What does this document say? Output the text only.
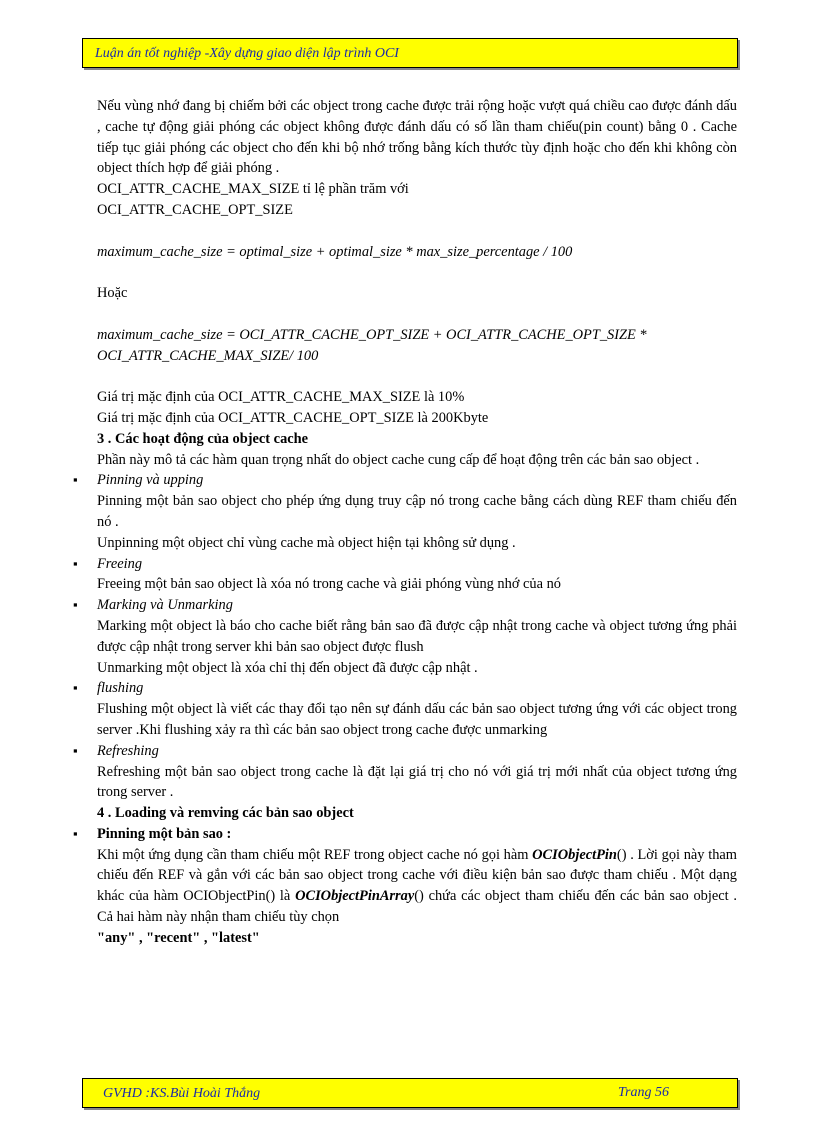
Luận án tốt nghiệp -Xây dựng giao diện lập trình OCI

Nếu vùng nhớ đang bị chiếm bởi các object trong cache được trải rộng hoặc vượt quá chiều cao được đánh dấu , cache tự động giải phóng các object không được đánh dấu có số lần tham chiếu(pin count) bằng 0 . Cache tiếp tục giải phóng các object cho đến khi bộ nhớ trống bằng kích thước tùy định hoặc cho đến khi không còn object thích hợp để giải phóng .

OCI_ATTR_CACHE_MAX_SIZE tỉ lệ phần trăm với

OCI_ATTR_CACHE_OPT_SIZE

maximum_cache_size = optimal_size + optimal_size * max_size_percentage / 100

Hoặc

maximum_cache_size = OCI_ATTR_CACHE_OPT_SIZE + OCI_ATTR_CACHE_OPT_SIZE * OCI_ATTR_CACHE_MAX_SIZE/ 100

Giá trị mặc định của OCI_ATTR_CACHE_MAX_SIZE là 10%

Giá trị mặc định của OCI_ATTR_CACHE_OPT_SIZE là 200Kbyte

3 . Các hoạt động của object cache

Phần này mô tả các hàm quan trọng nhất do object cache cung cấp để hoạt động trên các bản sao object .

▪ Pinning và upping

Pinning một bản sao object cho phép ứng dụng truy cập nó trong cache bằng cách dùng REF tham chiếu đến nó .

Unpinning một object chỉ vùng cache mà object hiện tại không sử dụng .

▪ Freeing

Freeing một bản sao object là xóa nó trong cache và giải phóng vùng nhớ của nó

▪ Marking và Unmarking

Marking một object là báo cho cache biết rằng bản sao đã được cập nhật trong cache và object tương ứng phải được cập nhật trong server khi bản sao object được flush

Unmarking một object là xóa chỉ thị đến object đã được cập nhật .

▪ flushing

Flushing một object là viết các thay đổi tạo nên sự đánh dấu các bản sao object tương ứng với các object trong server .Khi flushing xảy ra thì các bản sao object trong cache được unmarking

▪ Refreshing

Refreshing một bản sao object trong cache là đặt lại giá trị cho nó với giá trị mới nhất của object tương ứng trong server .

4 . Loading và remving các bản sao object

▪ Pinning một bản sao :

Khi một ứng dụng cần tham chiếu một REF trong object cache nó gọi hàm OCIObjectPin() . Lời gọi này tham chiếu đến REF và gắn với các bản sao object trong cache với điều kiện bản sao được tham chiếu . Một dạng khác của hàm OCIObjectPin() là OCIObjectPinArray() chứa các object tham chiếu đến các bản sao object . Cả hai hàm này nhận tham chiếu tùy chọn

"any" , "recent" , "latest"

GVHD :KS.Bùi Hoài Thắng	Trang 56
